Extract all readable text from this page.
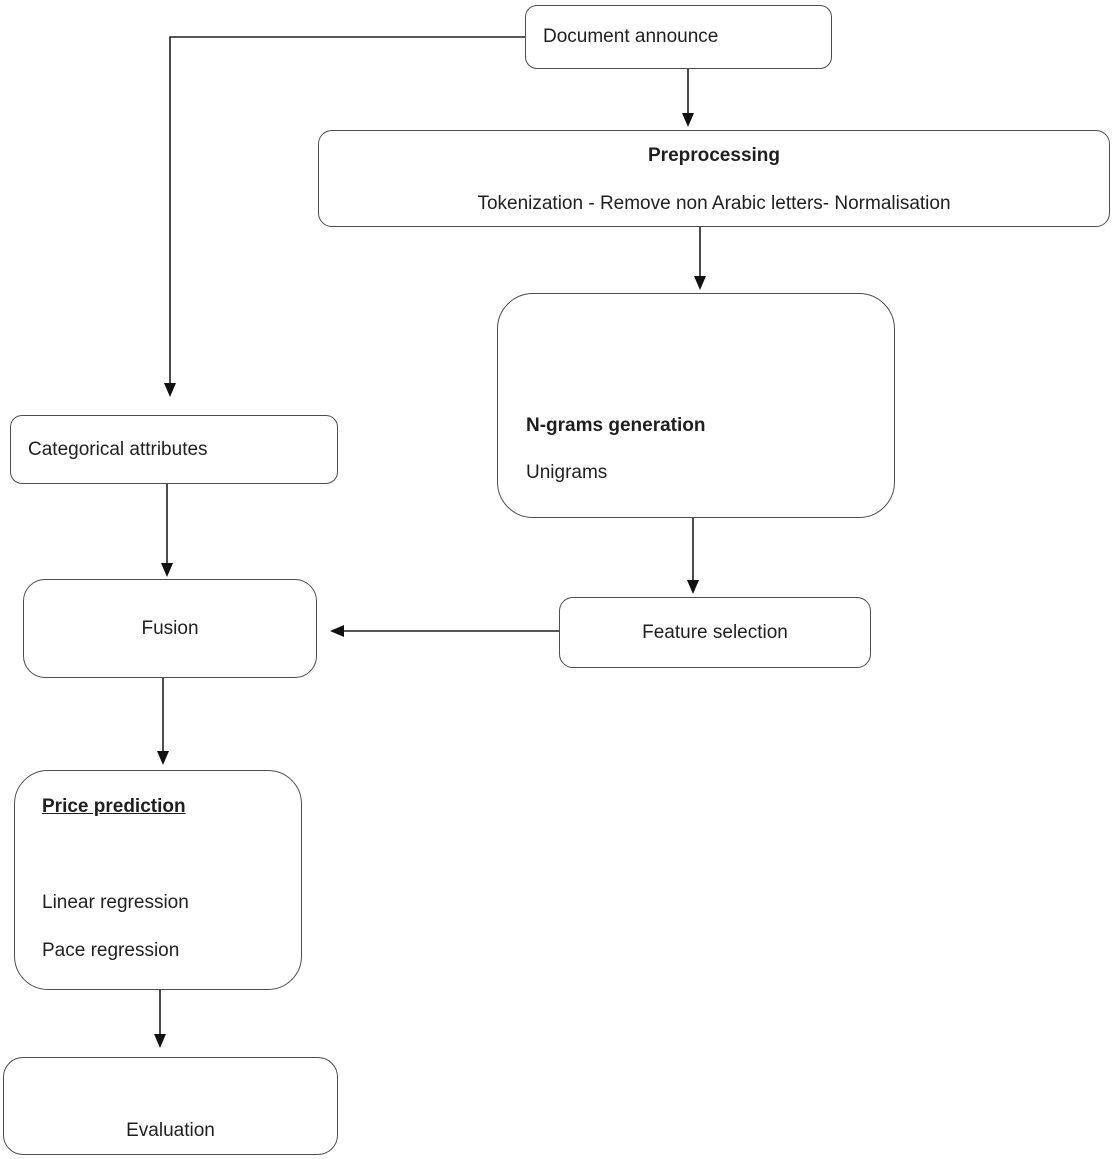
Document announce
Preprocessing
Tokenization - Remove non Arabic letters- Normalisation
N-grams generation
Unigrams
Categorical attributes
Fusion	Feature selection
Price prediction
Linear regression
Pace regression
Evaluation
